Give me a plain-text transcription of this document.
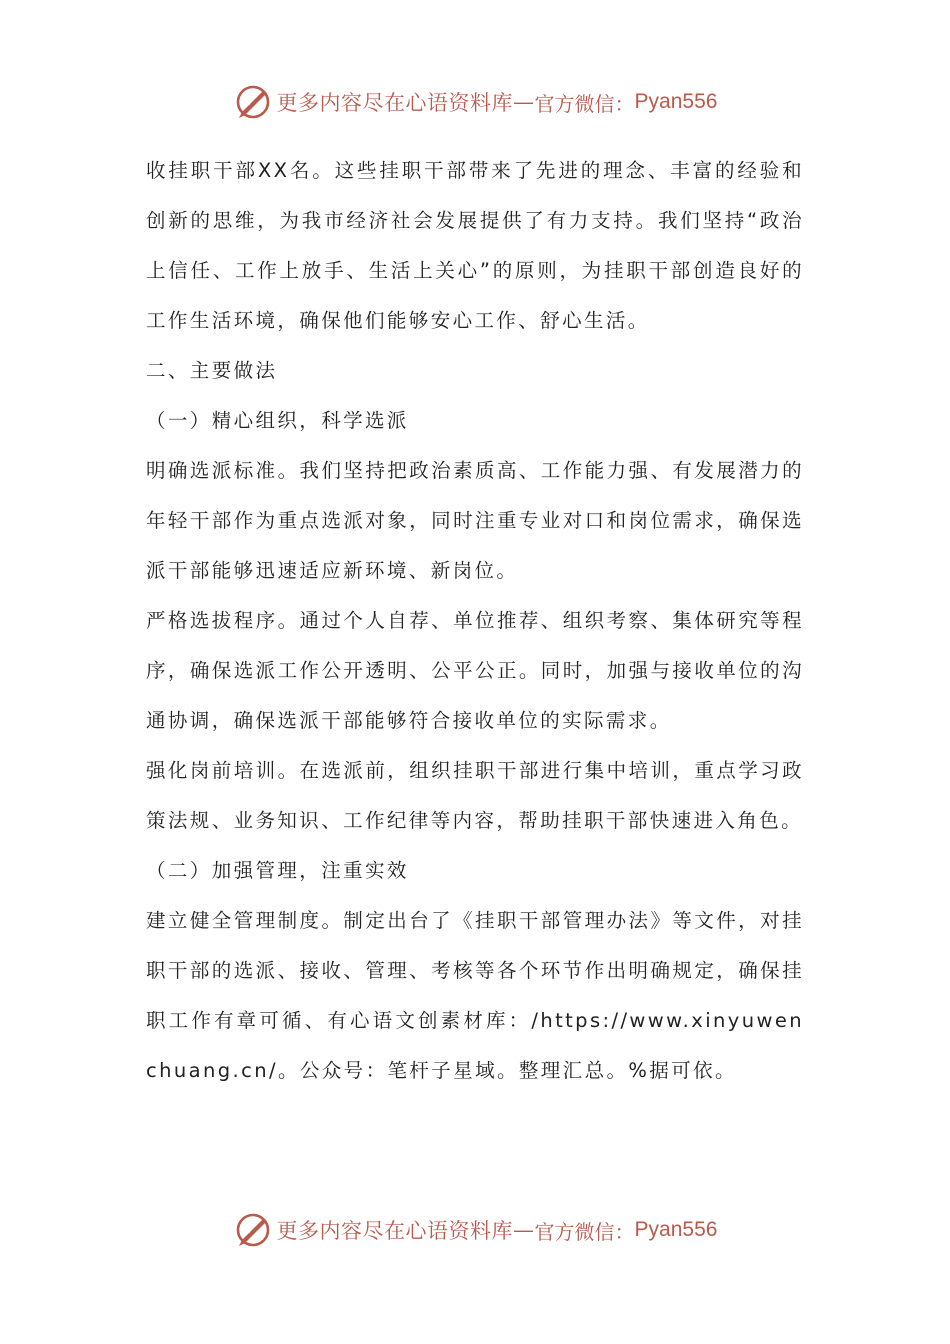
更多内容尽在心语资料库 — 官方微信： Pyan556

收挂职干部XX名。这些挂职干部带来了先进的理念、丰富的经验和创新的思维，为我市经济社会发展提供了有力支持。我们坚持“政治上信任、工作上放手、生活上关心”的原则，为挂职干部创造良好的工作生活环境，确保他们能够安心工作、舒心生活。

二、主要做法

（一）精心组织，科学选派

明确选派标准。我们坚持把政治素质高、工作能力强、有发展潜力的年轻干部作为重点选派对象，同时注重专业对口和岗位需求，确保选派干部能够迅速适应新环境、新岗位。

严格选拔程序。通过个人自荐、单位推荐、组织考察、集体研究等程序，确保选派工作公开透明、公平公正。同时，加强与接收单位的沟通协调，确保选派干部能够符合接收单位的实际需求。

强化岗前培训。在选派前，组织挂职干部进行集中培训，重点学习政策法规、业务知识、工作纪律等内容，帮助挂职干部快速进入角色。

（二）加强管理，注重实效

建立健全管理制度。制定出台了《挂职干部管理办法》等文件，对挂职干部的选派、接收、管理、考核等各个环节作出明确规定，确保挂职工作有章可循、有心语文创素材库：/https://www.xinyuwenchuang.cn/。公众号：笔杆子星域。整理汇总。%据可依。

更多内容尽在心语资料库 — 官方微信： Pyan556
